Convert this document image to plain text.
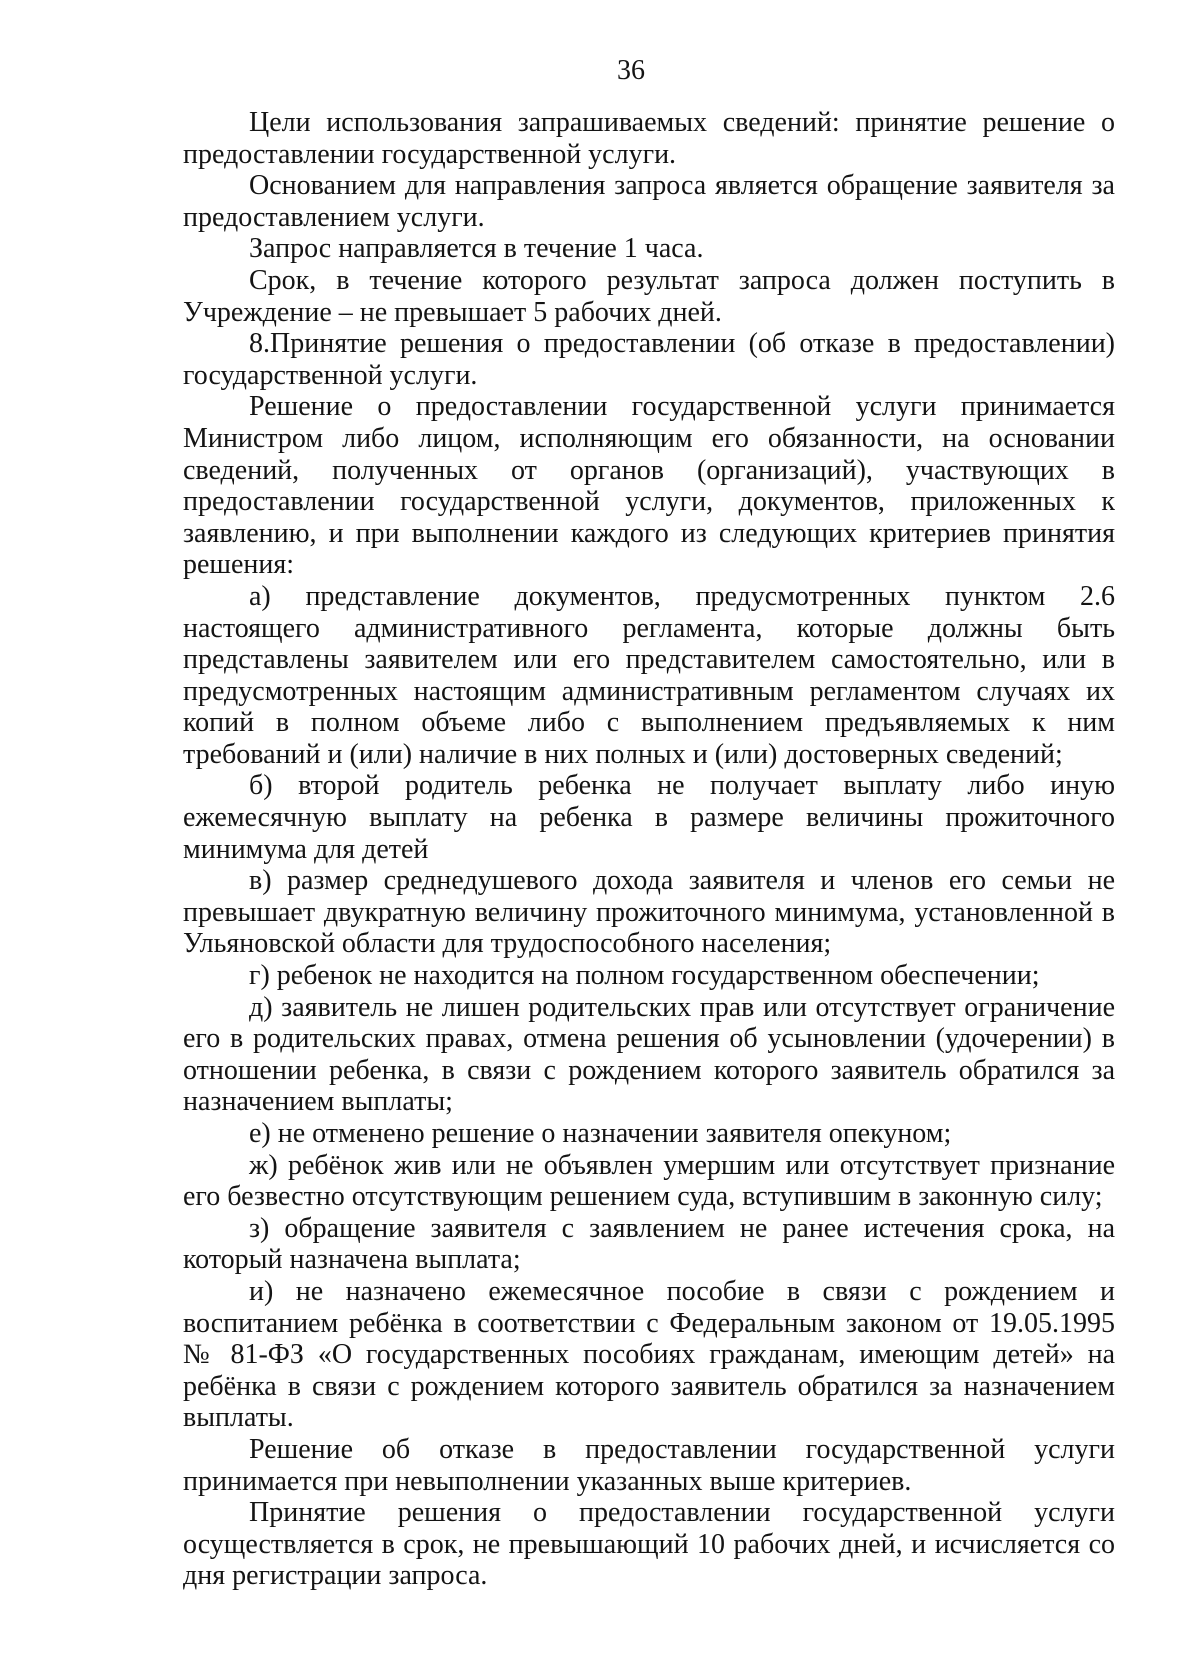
36

Цели использования запрашиваемых сведений: принятие решение о предоставлении государственной услуги.

Основанием для направления запроса является обращение заявителя за предоставлением услуги.

Запрос направляется в течение 1 часа.

Срок, в течение которого результат запроса должен поступить в Учреждение – не превышает 5 рабочих дней.

8.Принятие решения о предоставлении (об отказе в предоставлении) государственной услуги.

Решение о предоставлении государственной услуги принимается Министром либо лицом, исполняющим его обязанности, на основании сведений, полученных от органов (организаций), участвующих в предоставлении государственной услуги, документов, приложенных к заявлению, и при выполнении каждого из следующих критериев принятия решения:

а) представление документов, предусмотренных пунктом 2.6 настоящего административного регламента, которые должны быть представлены заявителем или его представителем самостоятельно, или в предусмотренных настоящим административным регламентом случаях их копий в полном объеме либо с выполнением предъявляемых к ним требований и (или) наличие в них полных и (или) достоверных сведений;

б) второй родитель ребенка не получает выплату либо иную ежемесячную выплату на ребенка в размере величины прожиточного минимума для детей

в) размер среднедушевого дохода заявителя и членов его семьи не превышает двукратную величину прожиточного минимума, установленной в Ульяновской области для трудоспособного населения;

г) ребенок не находится на полном государственном обеспечении;

д) заявитель не лишен родительских прав или отсутствует ограничение его в родительских правах, отмена решения об усыновлении (удочерении) в отношении ребенка, в связи с рождением которого заявитель обратился за назначением выплаты;

е) не отменено решение о назначении заявителя опекуном;

ж) ребёнок жив или не объявлен умершим или отсутствует признание его безвестно отсутствующим решением суда, вступившим в законную силу;

з) обращение заявителя с заявлением не ранее истечения срока, на который назначена выплата;

и) не назначено ежемесячное пособие в связи с рождением и воспитанием ребёнка в соответствии с Федеральным законом от 19.05.1995 № 81-ФЗ «О государственных пособиях гражданам, имеющим детей» на ребёнка в связи с рождением которого заявитель обратился за назначением выплаты.

Решение об отказе в предоставлении государственной услуги принимается при невыполнении указанных выше критериев.

Принятие решения о предоставлении государственной услуги осуществляется в срок, не превышающий 10 рабочих дней, и исчисляется со дня регистрации запроса.
